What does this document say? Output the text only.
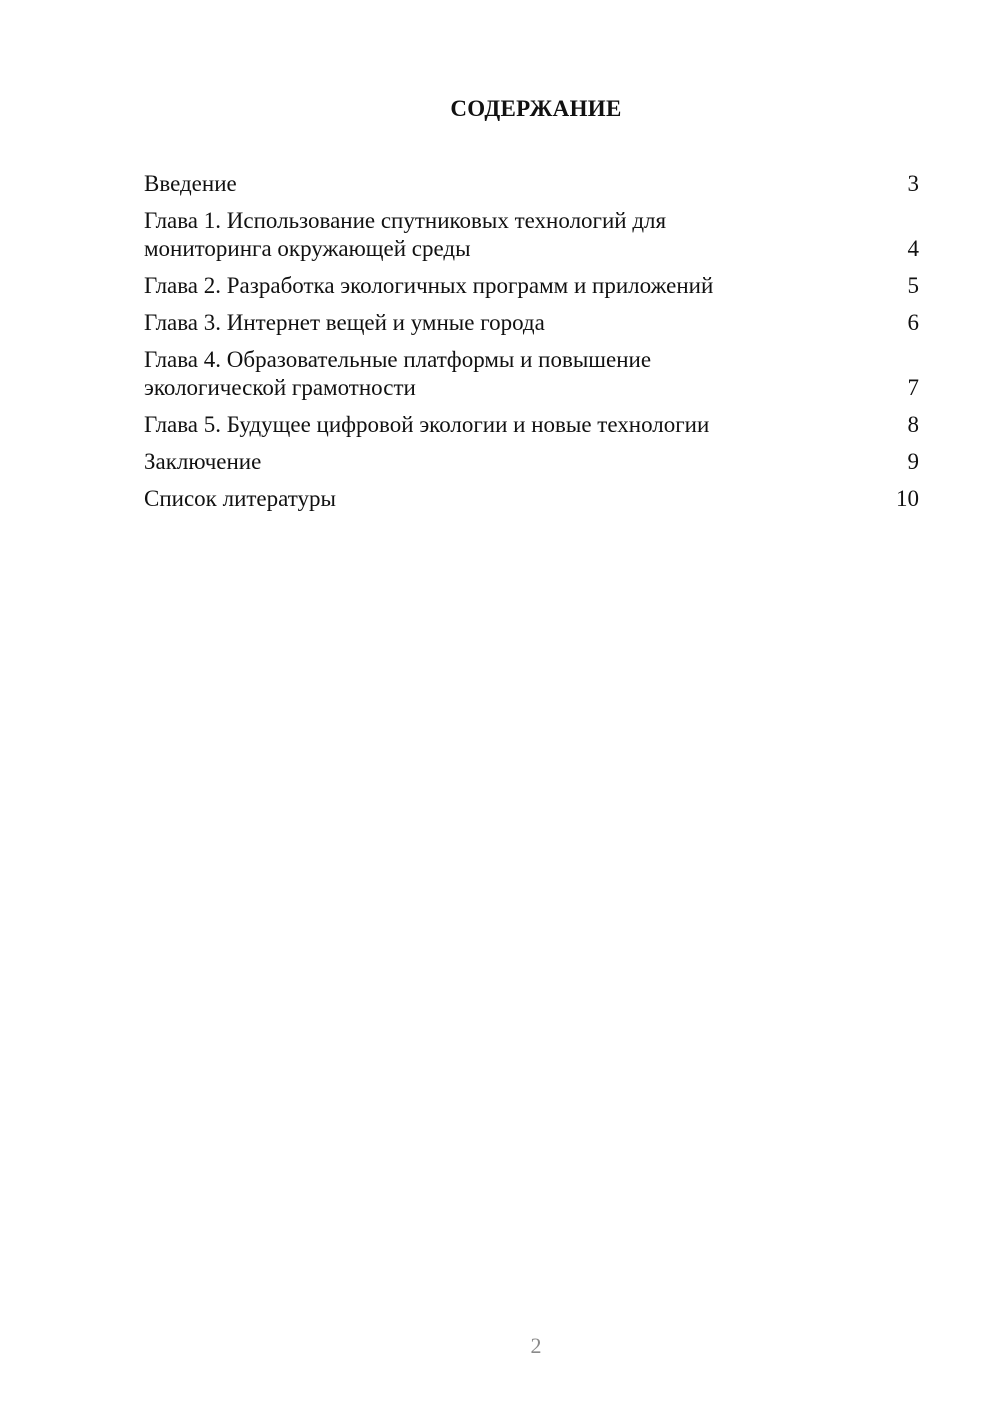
СОДЕРЖАНИЕ
Введение	3
Глава 1. Использование спутниковых технологий для
мониторинга окружающей среды	4
Глава 2. Разработка экологичных программ и приложений	5
Глава 3. Интернет вещей и умные города	6
Глава 4. Образовательные платформы и повышение
экологической грамотности	7
Глава 5. Будущее цифровой экологии и новые технологии	8
Заключение	9
Список литературы	10
2
